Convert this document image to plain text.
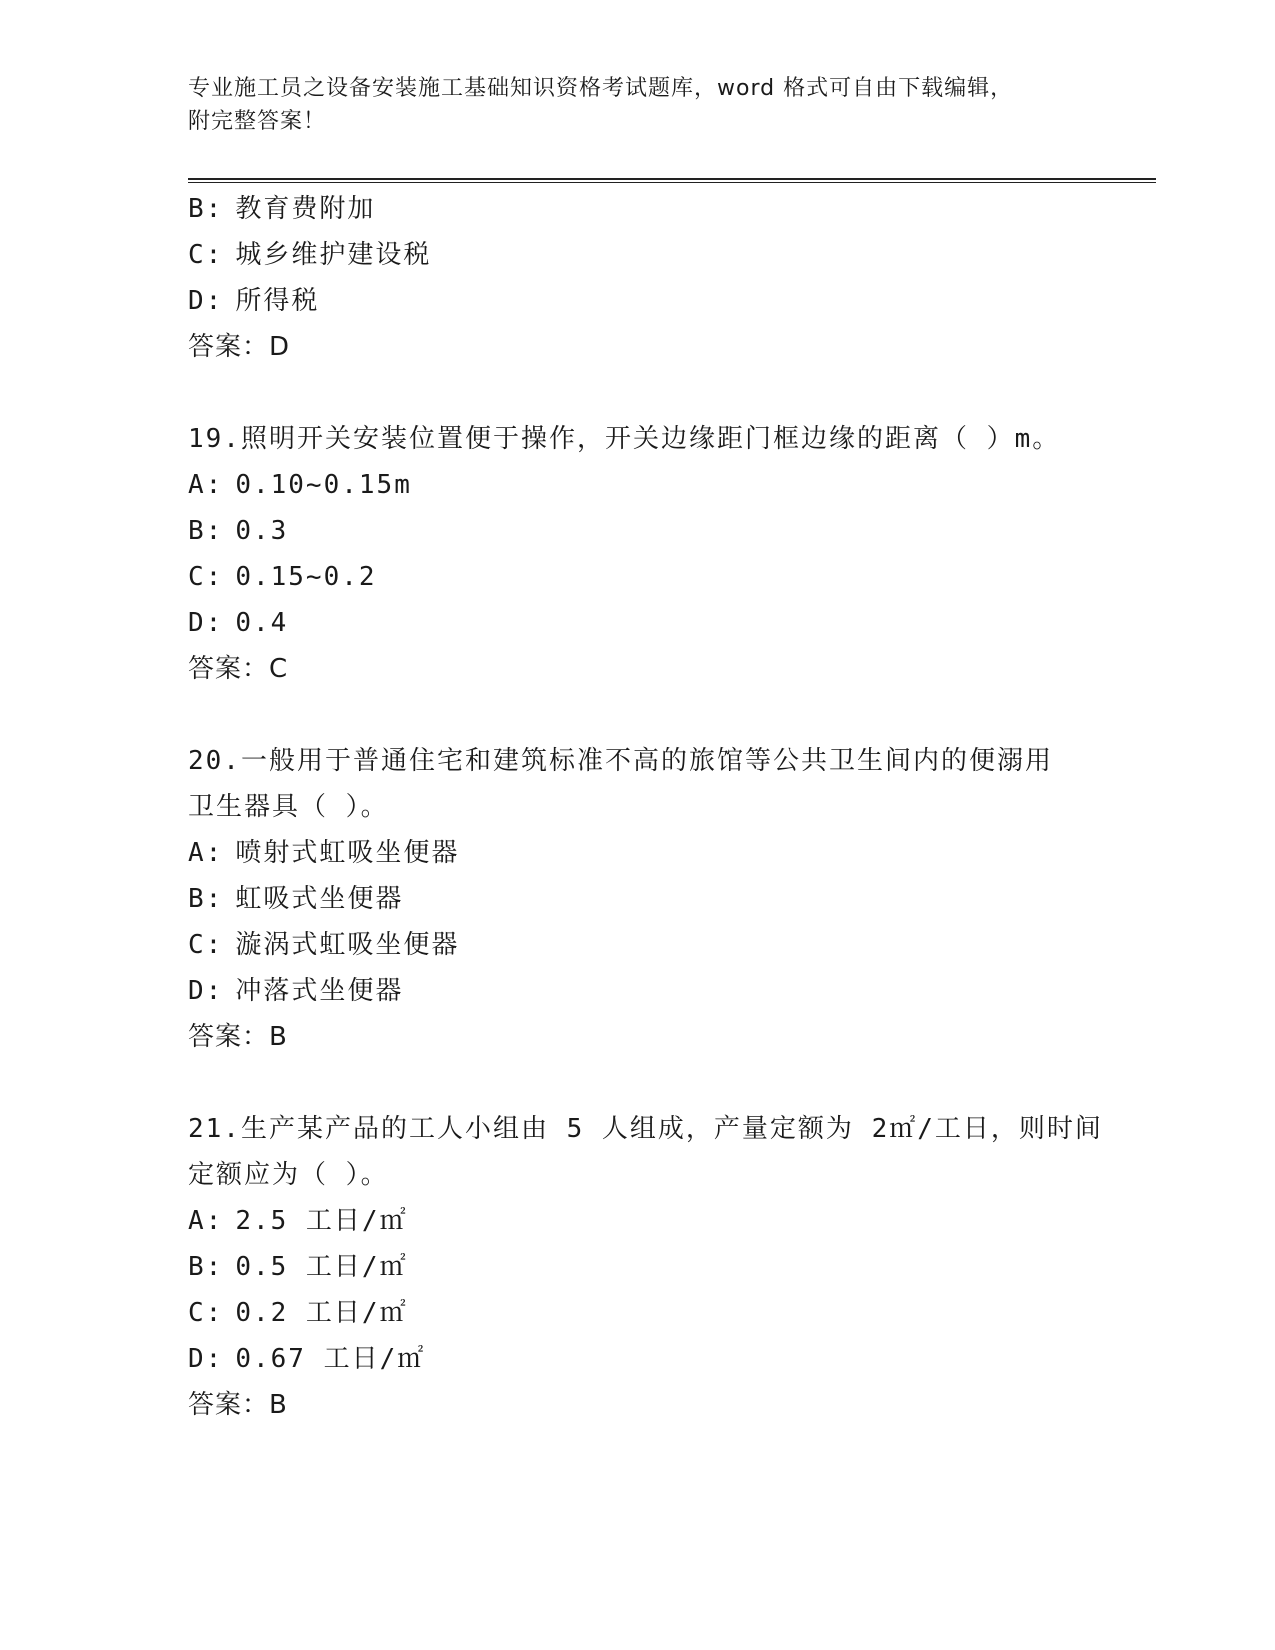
专业施工员之设备安装施工基础知识资格考试题库，word 格式可自由下载编辑，
附完整答案！
B: 教育费附加
C: 城乡维护建设税
D: 所得税
答案：D
19.照明开关安装位置便于操作，开关边缘距门框边缘的距离（ ）m。
A: 0.10~0.15m
B: 0.3
C: 0.15~0.2
D: 0.4
答案：C
20.一般用于普通住宅和建筑标准不高的旅馆等公共卫生间内的便溺用
卫生器具（ ）。
A: 喷射式虹吸坐便器
B: 虹吸式坐便器
C: 漩涡式虹吸坐便器
D: 冲落式坐便器
答案：B
21.生产某产品的工人小组由 5 人组成，产量定额为 2㎡/工日，则时间
定额应为（ ）。
A: 2.5 工日/㎡
B: 0.5 工日/㎡
C: 0.2 工日/㎡
D: 0.67 工日/㎡
答案：B
